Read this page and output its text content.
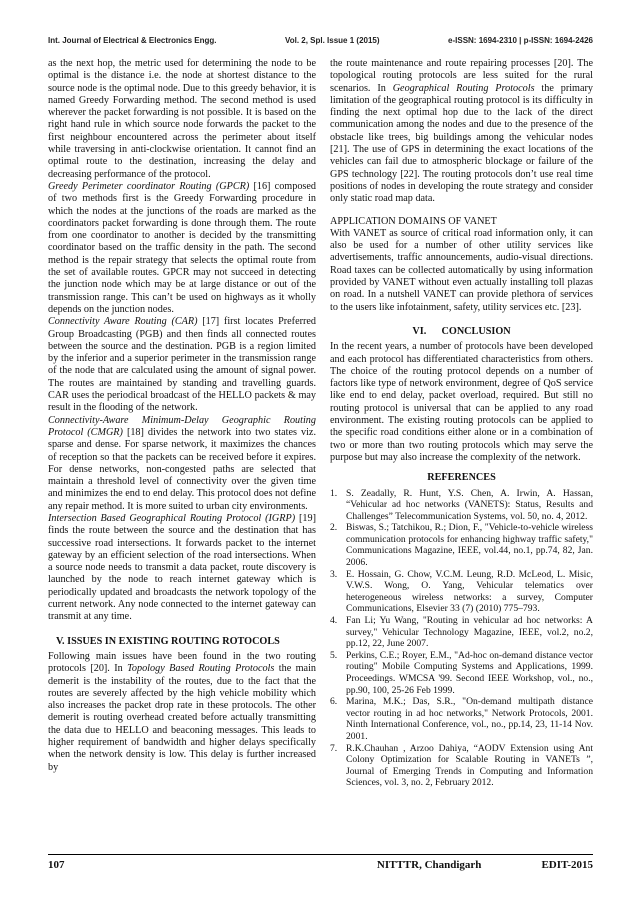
Int. Journal of Electrical & Electronics Engg.	Vol. 2, Spl. Issue 1 (2015)	e-ISSN: 1694-2310 | p-ISSN: 1694-2426

as the next hop, the metric used for determining the node to be optimal is the distance i.e. the node at shortest distance to the source node is the optimal node. Due to this greedy behavior, it is named Greedy Forwarding method. The second method is used wherever the packet forwarding is not possible. It is based on the right hand rule in which source node forwards the packet to the first neighbour encountered across the perimeter about itself while traversing in anti-clockwise orientation. It cannot find an optimal route to the destination, increasing the delay and decreasing performance of the protocol.

Greedy Perimeter coordinator Routing (GPCR) [16] composed of two methods first is the Greedy Forwarding procedure in which the nodes at the junctions of the roads are marked as the coordinators packet forwarding is done through them. The route from one coordinator to another is decided by the transmitting coordinator based on the traffic density in the path. The second method is the repair strategy that selects the optimal route from the set of available routes. GPCR may not succeed in detecting the junction node which may be at large distance or out of the transmission range. This can’t be used on highways as it wholly depends on the junction nodes.

Connectivity Aware Routing (CAR) [17] first locates Preferred Group Broadcasting (PGB) and then finds all connected routes between the source and the destination. PGB is a region limited by the inferior and a superior perimeter in the transmission range of the node that are calculated using the amount of signal power. The routes are maintained by standing and travelling guards. CAR uses the periodical broadcast of the HELLO packets & may result in the flooding of the network.

Connectivity-Aware Minimum-Delay Geographic Routing Protocol (CMGR) [18] divides the network into two states viz. sparse and dense. For sparse network, it maximizes the chances of reception so that the packets can be received before it expires. For dense networks, non-congested paths are selected that maintain a threshold level of connectivity over the given time and minimizes the end to end delay. This protocol does not define any repair method. It is more suited to urban city environments.

Intersection Based Geographical Routing Protocol (IGRP) [19] finds the route between the source and the destination that has successive road intersections. It forwards packet to the internet gateway by an efficient selection of the road intersections. When a source node needs to transmit a data packet, route discovery is launched by the node to reach internet gateway which is periodically updated and broadcasts the network topology of the current network. Any node connected to the internet gateway can transmit at any time.

V. ISSUES IN EXISTING ROUTING ROTOCOLS

Following main issues have been found in the two routing protocols [20]. In Topology Based Routing Protocols the main demerit is the instability of the routes, due to the fact that the routes are severely affected by the high vehicle mobility which also increases the packet drop rate in these protocols. The other demerit is routing overhead created before actually transmitting the data due to HELLO and beaconing messages. This leads to higher requirement of bandwidth and higher delays specifically when the network density is low. This delay is further increased by

the route maintenance and route repairing processes [20]. The topological routing protocols are less suited for the rural scenarios. In Geographical Routing Protocols the primary limitation of the geographical routing protocol is its difficulty in finding the next optimal hop due to the lack of the direct communication among the nodes and due to the presence of the obstacle like trees, big buildings among the vehicular nodes [21]. The use of GPS in determining the exact locations of the vehicles can fail due to atmospheric blockage or failure of the GPS technology [22]. The routing protocols don’t use real time positions of nodes in developing the route strategy and consider only static road map data.

APPLICATION DOMAINS OF VANET

With VANET as source of critical road information only, it can also be used for a number of other utility services like advertisements, traffic announcements, audio-visual directions. Road taxes can be collected automatically by using information provided by VANET without even actually installing toll plazas on road. In a nutshell VANET can provide plethora of services to the users like infotainment, safety, utility services etc. [23].

VI.      CONCLUSION

In the recent years, a number of protocols have been developed and each protocol has differentiated characteristics from others. The choice of the routing protocol depends on a number of factors like type of network environment, degree of QoS service like end to end delay, packet overload, required. But still no routing protocol is universal that can be applied to any road environment. The existing routing protocols can be applied to the specific road conditions either alone or in a combination of two or more than two routing protocols which may serve the purpose but may also increase the complexity of the network.

REFERENCES
1. S. Zeadally, R. Hunt, Y.S. Chen, A. Irwin, A. Hassan, “Vehicular ad hoc networks (VANETS): Status, Results and Challenges” Telecommunication Systems, vol. 50, no. 4, 2012.
2. Biswas, S.; Tatchikou, R.; Dion, F., "Vehicle-to-vehicle wireless communication protocols for enhancing highway traffic safety," Communications Magazine, IEEE, vol.44, no.1, pp.74, 82, Jan. 2006.
3. E. Hossain, G. Chow, V.C.M. Leung, R.D. McLeod, L. Misic, V.W.S. Wong, O. Yang, Vehicular telematics over heterogeneous wireless networks: a survey, Computer Communications, Elsevier 33 (7) (2010) 775–793.
4. Fan Li; Yu Wang, "Routing in vehicular ad hoc networks: A survey," Vehicular Technology Magazine, IEEE, vol.2, no.2, pp.12, 22, June 2007.
5. Perkins, C.E.; Royer, E.M., "Ad-hoc on-demand distance vector routing" Mobile Computing Systems and Applications, 1999. Proceedings. WMCSA '99. Second IEEE Workshop, vol., no., pp.90, 100, 25-26 Feb 1999.
6. Marina, M.K.; Das, S.R., "On-demand multipath distance vector routing in ad hoc networks," Network Protocols, 2001. Ninth International Conference, vol., no., pp.14, 23, 11-14 Nov. 2001.
7. R.K.Chauhan , Arzoo Dahiya, “AODV Extension using Ant Colony Optimization for Scalable Routing in VANETs ”, Journal of Emerging Trends in Computing and Information Sciences, vol. 3, no. 2, February 2012.
107	NITTTR, Chandigarh	EDIT-2015
